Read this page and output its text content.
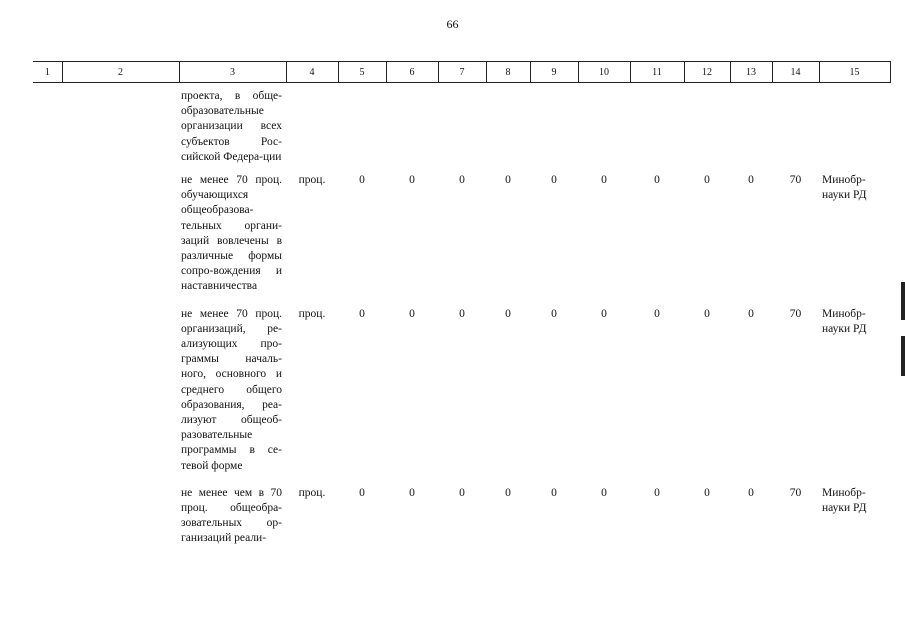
66
1	2	3	4	5	6	7	8	9	10	11	12	13	14	15
		проекта, в обще-образовательные организации всех субъектов Рос-сийской Федера-ции												
		не менее 70 проц. обучающихся общеобразова-тельных органи-заций вовлечены в различные формы сопро-вождения и наставничества	проц.	0	0	0	0	0	0	0	0	0	70	Минобр-науки РД
		не менее 70 проц. организаций, ре-ализующих про-граммы началь-ного, основного и среднего общего образования, реа-лизуют общеоб-разовательные программы в се-тевой форме	проц.	0	0	0	0	0	0	0	0	0	70	Минобр-науки РД
		не менее чем в 70 проц. общеобра-зовательных ор-ганизаций реали-	проц.	0	0	0	0	0	0	0	0	0	70	Минобр-науки РД
